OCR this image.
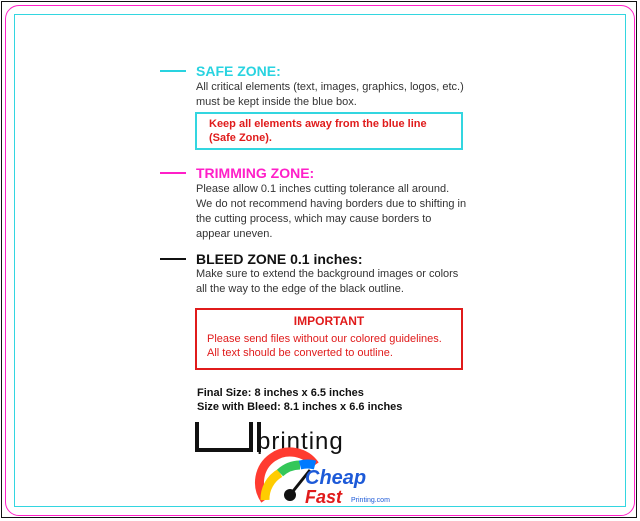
SAFE ZONE:
All critical elements (text, images, graphics, logos, etc.)
must be kept inside the blue box.
Keep all elements away from the blue line
(Safe Zone).
TRIMMING ZONE:
Please allow 0.1 inches cutting tolerance all around.
We do not recommend having borders due to shifting in
the cutting process, which may cause borders to
appear uneven.
BLEED ZONE 0.1 inches:
Make sure to extend the background images or colors
all the way to the edge of the black outline.
IMPORTANT
Please send files without our colored guidelines.
All text should be converted to outline.
Final Size: 8 inches x 6.5 inches
Size with Bleed: 8.1 inches x 6.6 inches
printing
Cheap
Fast Printing.com
